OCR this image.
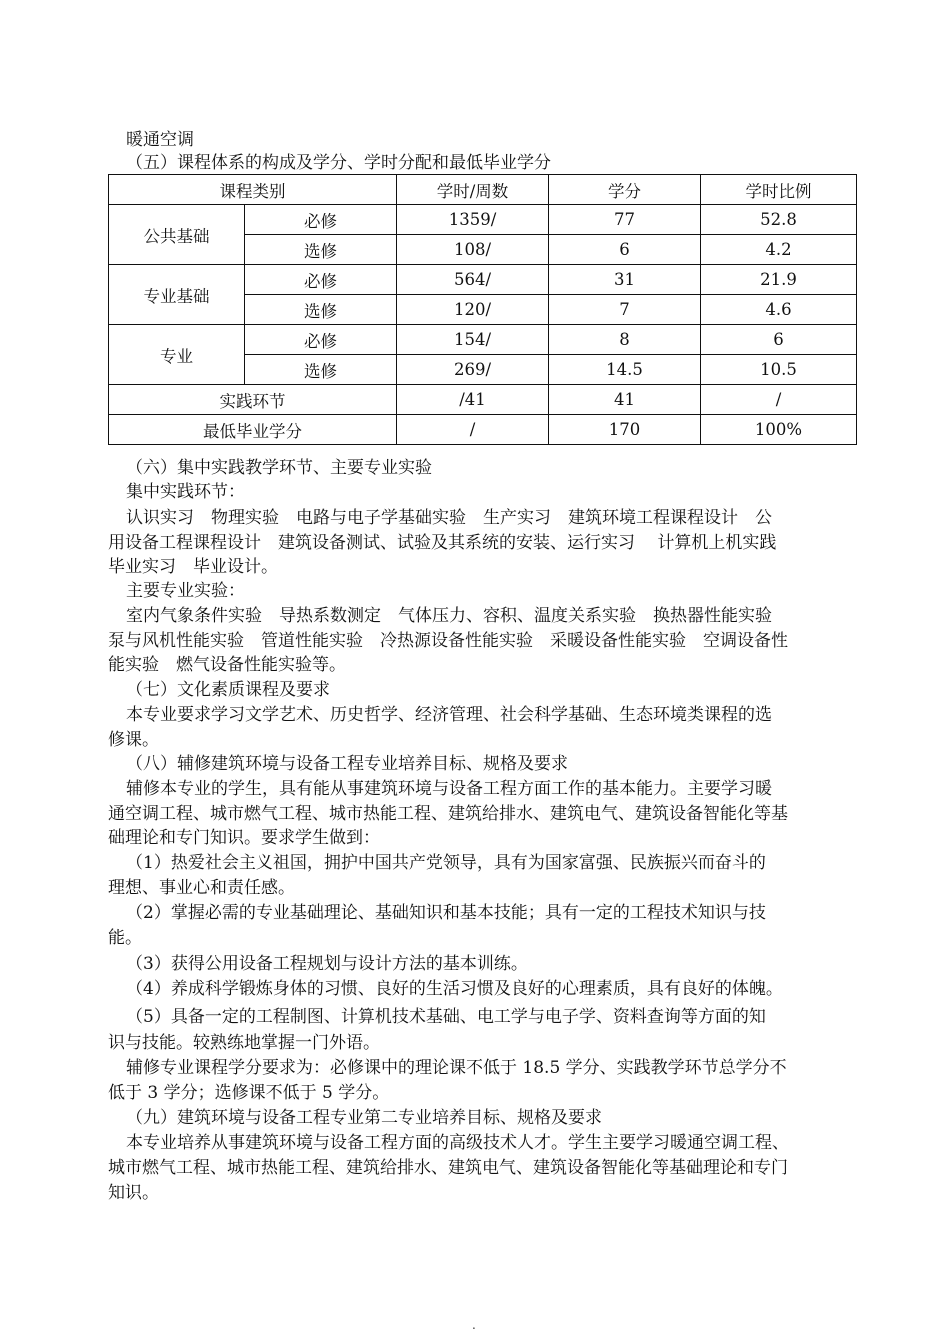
暖通空调
（五）课程体系的构成及学分、学时分配和最低毕业学分
课程类别		学时/周数	学分	学时比例
公共基础	必修	1359/	77	52.8
	选修	108/	6	4.2
专业基础	必修	564/	31	21.9
	选修	120/	7	4.6
专业	必修	154/	8	6
	选修	269/	14.5	10.5
实践环节		/41	41	/
最低毕业学分		/	170	100%
（六）集中实践教学环节、主要专业实验
集中实践环节：
认识实习　物理实验　电路与电子学基础实验　生产实习　建筑环境工程课程设计　公
用设备工程课程设计　建筑设备测试、试验及其系统的安装、运行实习　 计算机上机实践
毕业实习　毕业设计。
主要专业实验：
室内气象条件实验　导热系数测定　气体压力、容积、温度关系实验　换热器性能实验
泵与风机性能实验　管道性能实验　冷热源设备性能实验　采暖设备性能实验　空调设备性
能实验　燃气设备性能实验等。
（七）文化素质课程及要求
本专业要求学习文学艺术、历史哲学、经济管理、社会科学基础、生态环境类课程的选
修课。
（八）辅修建筑环境与设备工程专业培养目标、规格及要求
辅修本专业的学生，具有能从事建筑环境与设备工程方面工作的基本能力。主要学习暖
通空调工程、城市燃气工程、城市热能工程、建筑给排水、建筑电气、建筑设备智能化等基
础理论和专门知识。要求学生做到：
（1）热爱社会主义祖国，拥护中国共产党领导，具有为国家富强、民族振兴而奋斗的
理想、事业心和责任感。
（2）掌握必需的专业基础理论、基础知识和基本技能；具有一定的工程技术知识与技
能。
（3）获得公用设备工程规划与设计方法的基本训练。
（4）养成科学锻炼身体的习惯、良好的生活习惯及良好的心理素质，具有良好的体魄。
（5）具备一定的工程制图、计算机技术基础、电工学与电子学、资料查询等方面的知
识与技能。较熟练地掌握一门外语。
辅修专业课程学分要求为：必修课中的理论课不低于 18.5 学分、实践教学环节总学分不
低于 3 学分；选修课不低于 5 学分。
（九）建筑环境与设备工程专业第二专业培养目标、规格及要求
本专业培养从事建筑环境与设备工程方面的高级技术人才。学生主要学习暖通空调工程、
城市燃气工程、城市热能工程、建筑给排水、建筑电气、建筑设备智能化等基础理论和专门
知识。
.
